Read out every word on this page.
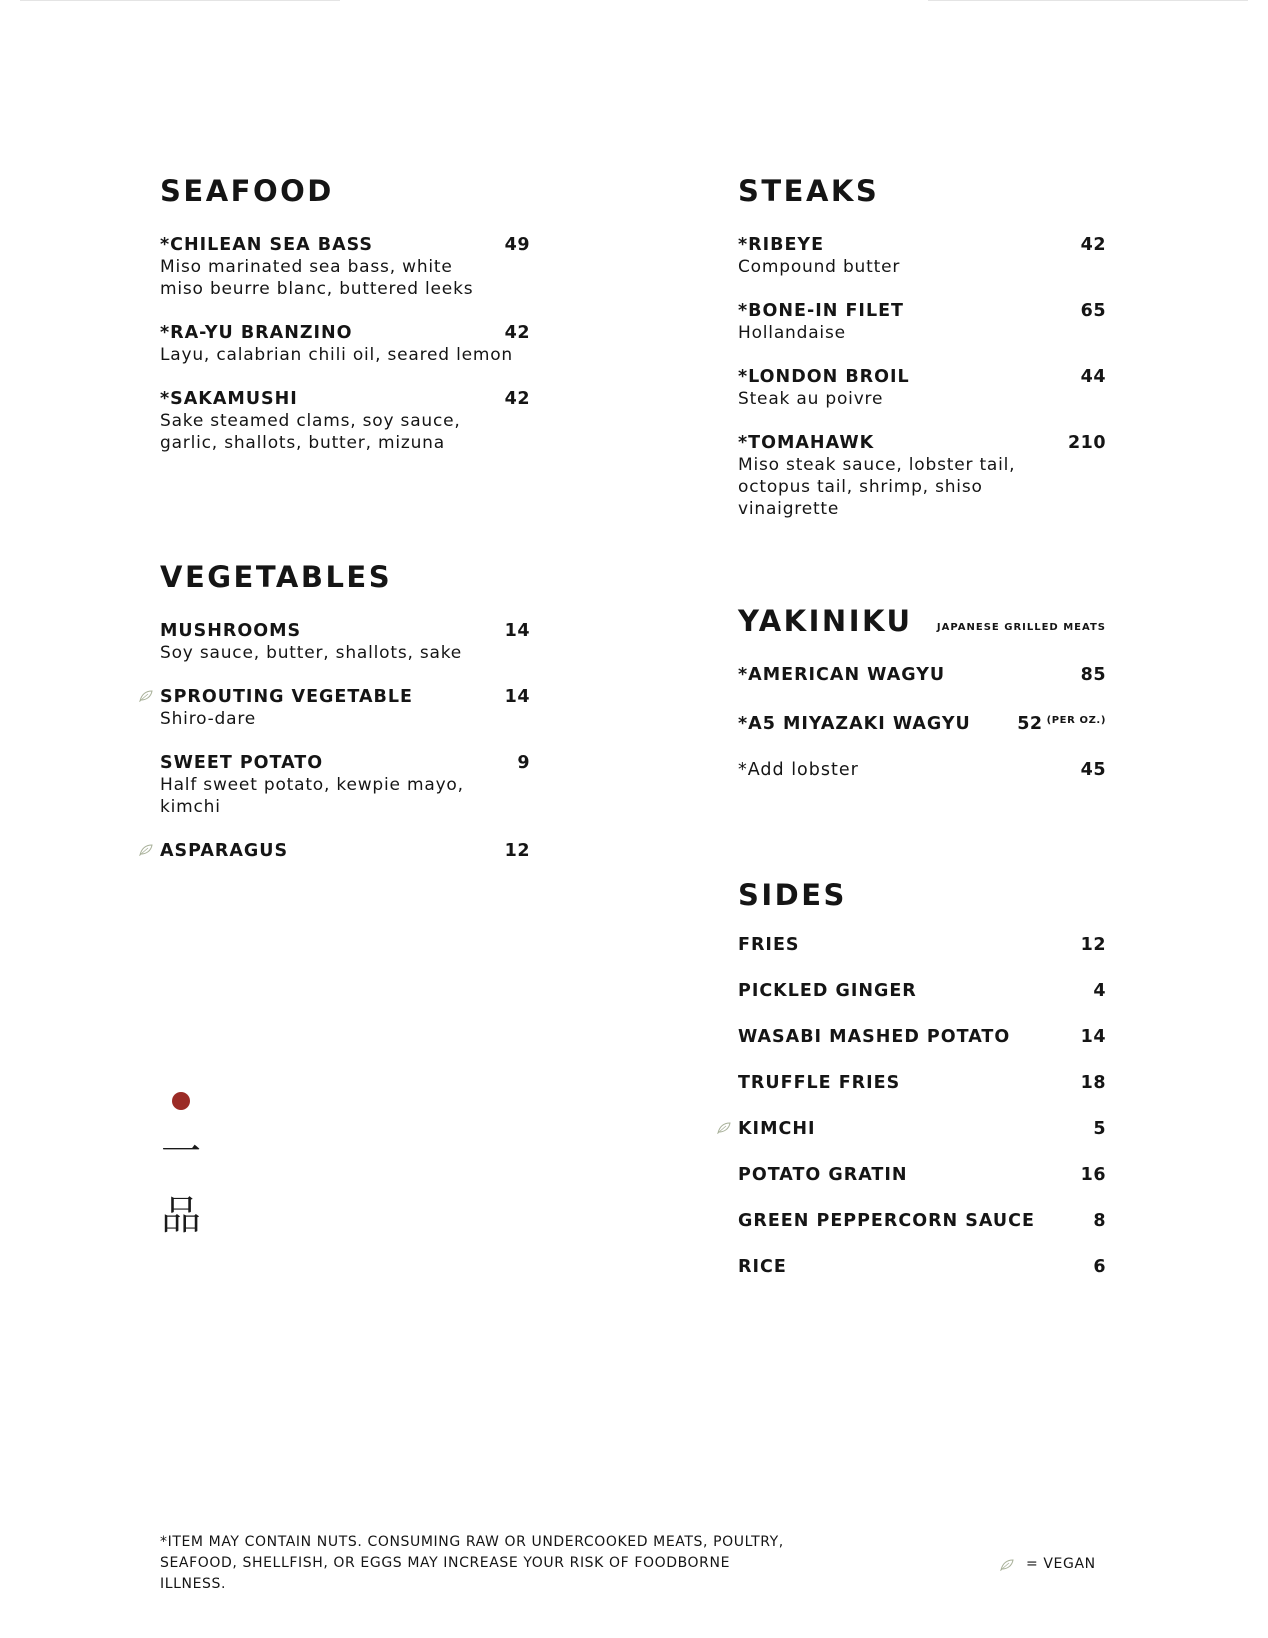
SEAFOOD
*CHILEAN SEA BASS	49
Miso marinated sea bass, white miso beurre blanc, buttered leeks
*RA-YU BRANZINO	42
Layu, calabrian chili oil, seared lemon
*SAKAMUSHI	42
Sake steamed clams, soy sauce, garlic, shallots, butter, mizuna
VEGETABLES
MUSHROOMS	14
Soy sauce, butter, shallots, sake
SPROUTING VEGETABLE	14
Shiro-dare
SWEET POTATO	9
Half sweet potato, kewpie mayo, kimchi
ASPARAGUS	12
一
品
STEAKS
*RIBEYE	42
Compound butter
*BONE-IN FILET	65
Hollandaise
*LONDON BROIL	44
Steak au poivre
*TOMAHAWK	210
Miso steak sauce, lobster tail, octopus tail, shrimp, shiso vinaigrette
YAKINIKU JAPANESE GRILLED MEATS
*AMERICAN WAGYU	85
*A5 MIYAZAKI WAGYU	52 $^{(PER OZ.)}$
*Add lobster	45
SIDES
FRIES	12
PICKLED GINGER	4
WASABI MASHED POTATO	14
TRUFFLE FRIES	18
KIMCHI	5
POTATO GRATIN	16
GREEN PEPPERCORN SAUCE	8
RICE	6
*ITEM MAY CONTAIN NUTS. CONSUMING RAW OR UNDERCOOKED MEATS, POULTRY,
SEAFOOD, SHELLFISH, OR EGGS MAY INCREASE YOUR RISK OF FOODBORNE ILLNESS.
= VEGAN
